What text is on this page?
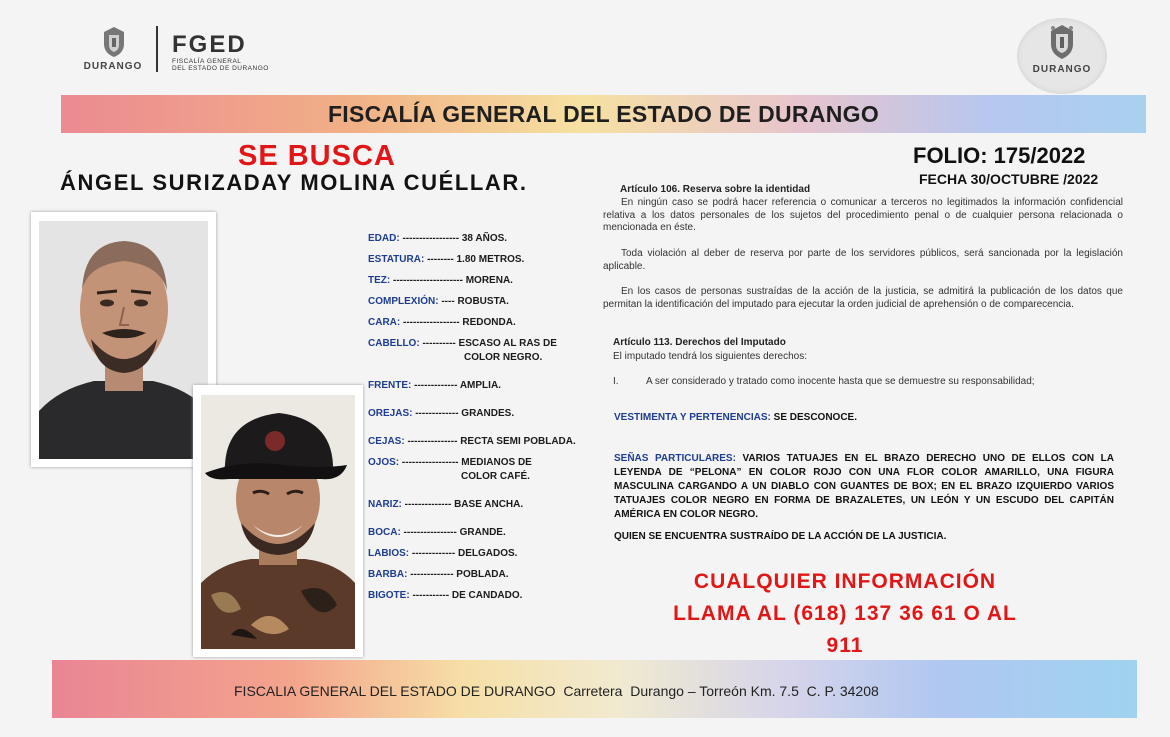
DURANGO
FGED
FISCALÍA GENERAL
DEL ESTADO DE DURANGO	DURANGO
FISCALÍA GENERAL DEL ESTADO DE DURANGO
SE BUSCA
ÁNGEL SURIZADAY MOLINA CUÉLLAR.
FOLIO: 175/2022
FECHA 30/OCTUBRE /2022
EDAD: ----------------- 38 AÑOS.
ESTATURA: -------- 1.80 METROS.
TEZ: --------------------- MORENA.
COMPLEXIÓN: ---- ROBUSTA.
CARA: ----------------- REDONDA.
CABELLO: ---------- ESCASO AL RAS DE
COLOR NEGRO.
FRENTE: ------------- AMPLIA.
OREJAS: ------------- GRANDES.
CEJAS: --------------- RECTA SEMI POBLADA.
OJOS: ----------------- MEDIANOS DE
COLOR CAFÉ.
NARIZ: -------------- BASE ANCHA.
BOCA: ---------------- GRANDE.
LABIOS: ------------- DELGADOS.
BARBA: ------------- POBLADA.
BIGOTE: ----------- DE CANDADO.
Artículo 106. Reserva sobre la identidad
En ningún caso se podrá hacer referencia o comunicar a terceros no legitimados la información confidencial relativa a los datos personales de los sujetos del procedimiento penal o de cualquier persona relacionada o mencionada en éste.
Toda violación al deber de reserva por parte de los servidores públicos, será sancionada por la legislación aplicable.
En los casos de personas sustraídas de la acción de la justicia, se admitirá la publicación de los datos que permitan la identificación del imputado para ejecutar la orden judicial de aprehensión o de comparecencia.
Artículo 113. Derechos del Imputado
El imputado tendrá los siguientes derechos:
I.	A ser considerado y tratado como inocente hasta que se demuestre su responsabilidad;
VESTIMENTA Y PERTENENCIAS: SE DESCONOCE.
SEÑAS PARTICULARES: VARIOS TATUAJES EN EL BRAZO DERECHO UNO DE ELLOS CON LA LEYENDA DE “PELONA” EN COLOR ROJO CON UNA FLOR COLOR AMARILLO, UNA FIGURA MASCULINA CARGANDO A UN DIABLO CON GUANTES DE BOX; EN EL BRAZO IZQUIERDO VARIOS TATUAJES COLOR NEGRO EN FORMA DE BRAZALETES, UN LEÓN Y UN ESCUDO DEL CAPITÁN AMÉRICA EN COLOR NEGRO.
QUIEN SE ENCUENTRA SUSTRAÍDO DE LA ACCIÓN DE LA JUSTICIA.
CUALQUIER INFORMACIÓN
LLAMA AL (618) 137 36 61 O AL
911
FISCALIA GENERAL DEL ESTADO DE DURANGO  Carretera  Durango – Torreón Km. 7.5  C. P. 34208
